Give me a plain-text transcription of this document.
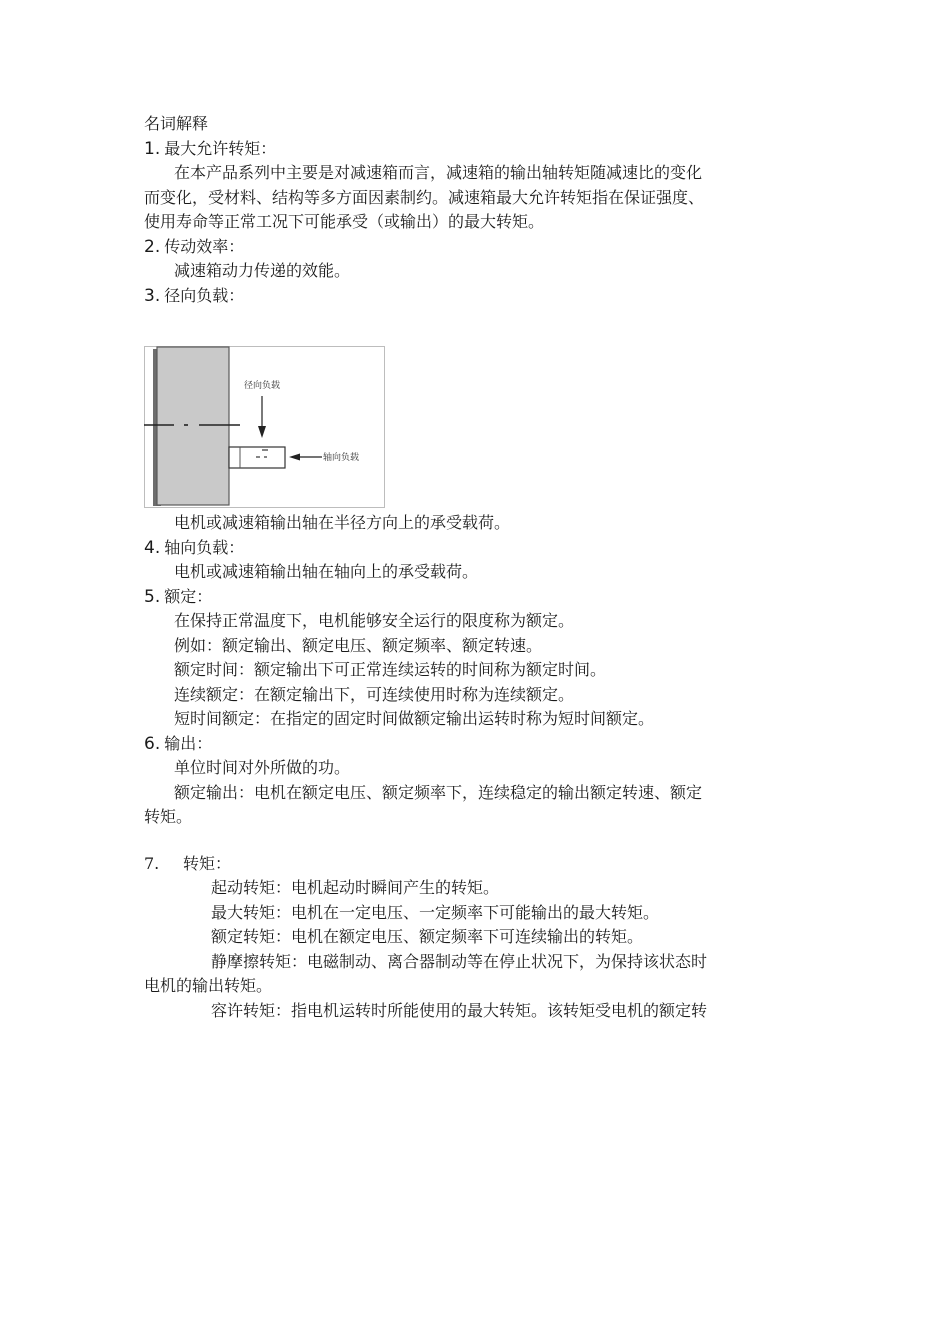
名词解释
1. 最大允许转矩：
在本产品系列中主要是对减速箱而言，减速箱的输出轴转矩随减速比的变化
而变化，受材料、结构等多方面因素制约。减速箱最大允许转矩指在保证强度、
使用寿命等正常工况下可能承受（或输出）的最大转矩。
2. 传动效率：
减速箱动力传递的效能。
3. 径向负载：
径向负载
轴向负载
电机或减速箱输出轴在半径方向上的承受载荷。
4. 轴向负载：
电机或减速箱输出轴在轴向上的承受载荷。
5. 额定：
在保持正常温度下，电机能够安全运行的限度称为额定。
例如：额定输出、额定电压、额定频率、额定转速。
额定时间：额定输出下可正常连续运转的时间称为额定时间。
连续额定：在额定输出下，可连续使用时称为连续额定。
短时间额定：在指定的固定时间做额定输出运转时称为短时间额定。
6. 输出：
单位时间对外所做的功。
额定输出：电机在额定电压、额定频率下，连续稳定的输出额定转速、额定
转矩。
7. 转矩：
起动转矩：电机起动时瞬间产生的转矩。
最大转矩：电机在一定电压、一定频率下可能输出的最大转矩。
额定转矩：电机在额定电压、额定频率下可连续输出的转矩。
静摩擦转矩：电磁制动、离合器制动等在停止状况下，为保持该状态时
电机的输出转矩。
容许转矩：指电机运转时所能使用的最大转矩。该转矩受电机的额定转
